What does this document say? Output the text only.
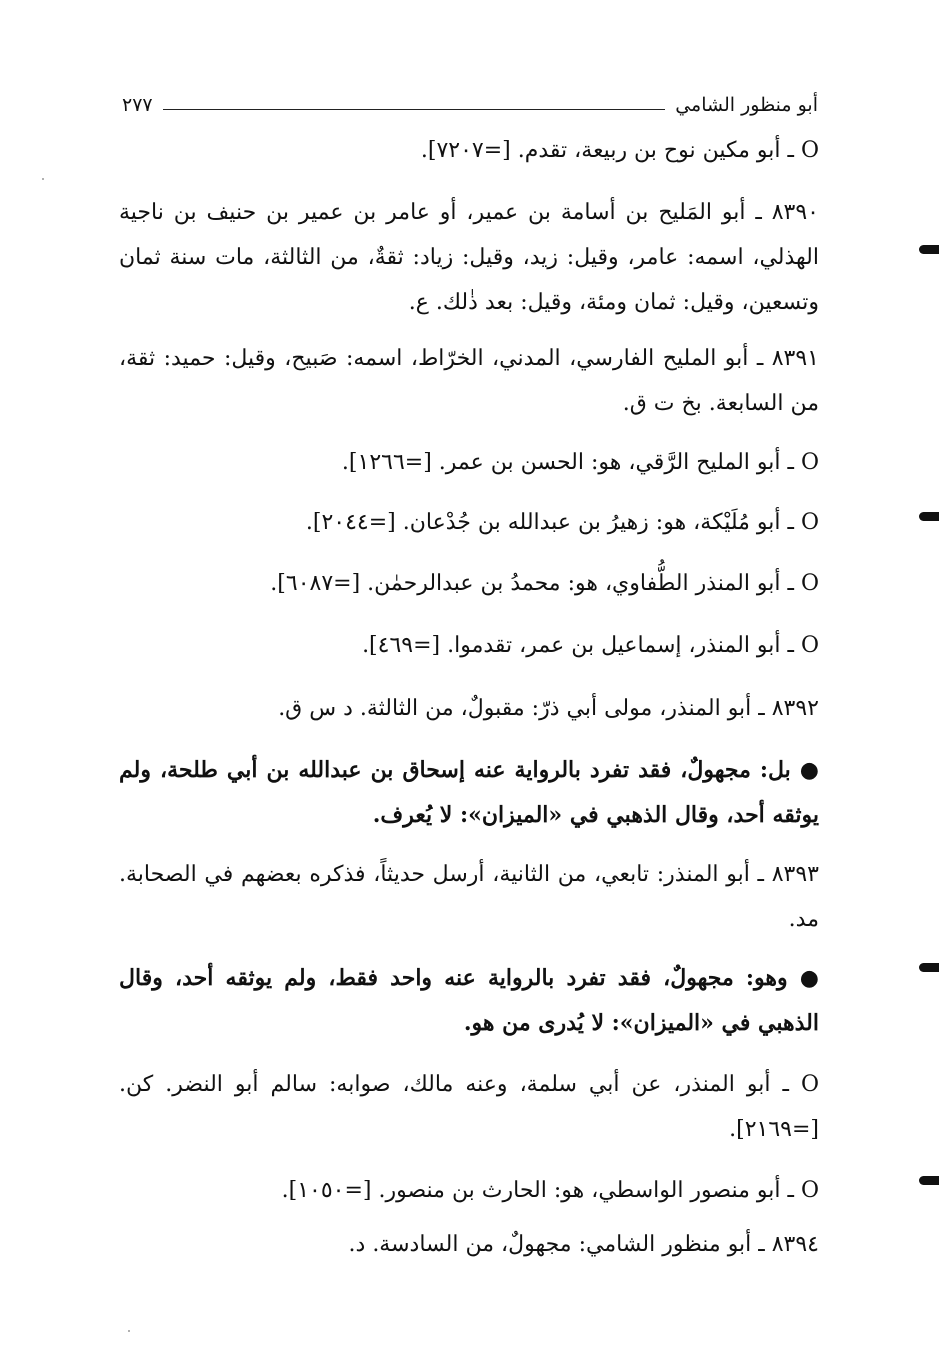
أبو منظور الشامي
٢٧٧
O ـ أبو مكين نوح بن ربيعة، تقدم. [=٧٢٠٧].
٨٣٩٠ ـ أبو المَليح بن أسامة بن عمير، أو عامر بن عمير بن حنيف بن ناجية الهذلي، اسمه: عامر، وقيل: زيد، وقيل: زياد: ثقةٌ، من الثالثة، مات سنة ثمان وتسعين، وقيل: ثمان ومئة، وقيل: بعد ذٰلك. ع.
٨٣٩١ ـ أبو المليح الفارسي، المدني، الخرّاط، اسمه: صَبيح، وقيل: حميد: ثقة، من السابعة. بخ ت ق.
O ـ أبو المليح الرَّقي، هو: الحسن بن عمر. [=١٢٦٦].
O ـ أبو مُلَيْكة، هو: زهيرُ بن عبدالله بن جُدْعان. [=٢٠٤٤].
O ـ أبو المنذر الطُّفاوي، هو: محمدُ بن عبدالرحمٰن. [=٦٠٨٧].
O ـ أبو المنذر، إسماعيل بن عمر، تقدموا. [=٤٦٩].
٨٣٩٢ ـ أبو المنذر، مولى أبي ذرّ: مقبولٌ، من الثالثة. د س ق.
● بل: مجهولٌ، فقد تفرد بالرواية عنه إسحاق بن عبدالله بن أبي طلحة، ولم يوثقه أحد، وقال الذهبي في «الميزان»: لا يُعرف.
٨٣٩٣ ـ أبو المنذر: تابعي، من الثانية، أرسل حديثاً، فذكره بعضهم في الصحابة. مد.
● وهو: مجهولٌ، فقد تفرد بالرواية عنه واحد فقط، ولم يوثقه أحد، وقال الذهبي في «الميزان»: لا يُدرى من هو.
O ـ أبو المنذر، عن أبي سلمة، وعنه مالك، صوابه: سالم أبو النضر. كن. [=٢١٦٩].
O ـ أبو منصور الواسطي، هو: الحارث بن منصور. [=١٠٥٠].
٨٣٩٤ ـ أبو منظور الشامي: مجهولٌ، من السادسة. د.
